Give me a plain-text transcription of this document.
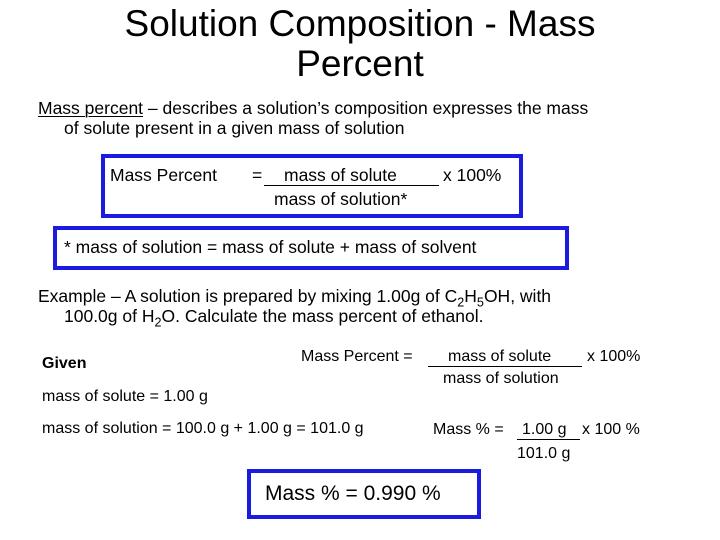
Solution Composition - Mass
Percent
Mass percent – describes a solution’s composition expresses the mass
of solute present in a given mass of solution
Mass Percent = mass of solute	x 100%
mass of solution*
* mass of solution = mass of solute + mass of solvent
Example – A solution is prepared by mixing 1.00g of $C_2H_5OH$, with
100.0g of $H_2O$. Calculate the mass percent of ethanol.
Given
mass of solute = 1.00 g
mass of solution = 100.0 g + 1.00 g = 101.0 g
Mass Percent = mass of solute x 100%
mass of solution
Mass % = 1.00 g x 100 %
101.0 g
Mass % = 0.990 %
